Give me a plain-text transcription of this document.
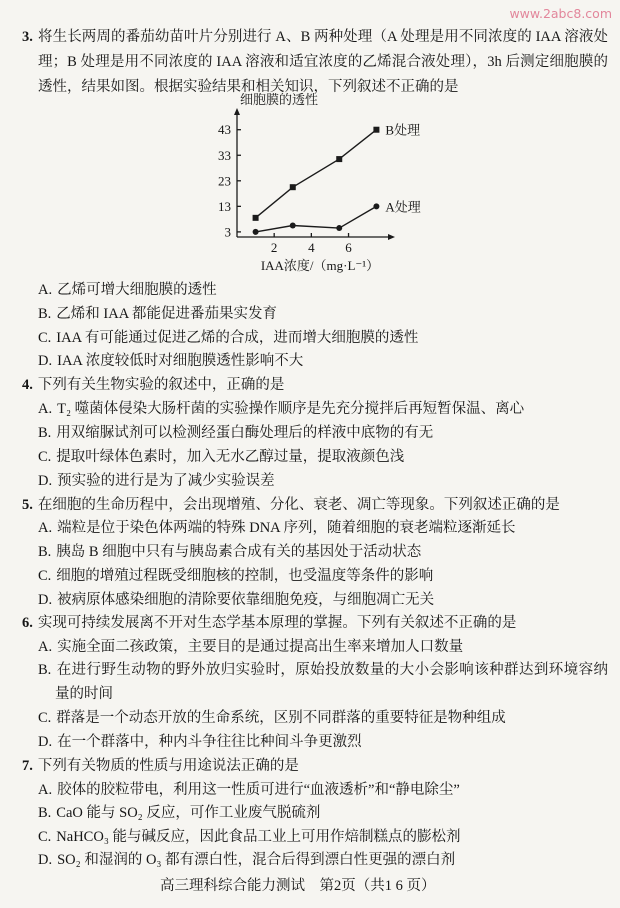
www.2abc8.com
3. 将生长两周的番茄幼苗叶片分别进行 A、B 两种处理（A 处理是用不同浓度的 IAA 溶液处
理；B 处理是用不同浓度的 IAA 溶液和适宜浓度的乙烯混合液处理），3h 后测定细胞膜的
透性，结果如图。根据实验结果和相关知识，下列叙述不正确的是
3
13
23
33
43
2 4 6
细胞膜的透性
IAA浓度/（mg·L⁻¹）
B处理
A处理
A. 乙烯可增大细胞膜的透性
B. 乙烯和 IAA 都能促进番茄果实发育
C. IAA 有可能通过促进乙烯的合成，进而增大细胞膜的透性
D. IAA 浓度较低时对细胞膜透性影响不大
4. 下列有关生物实验的叙述中，正确的是
A. T₂ 噬菌体侵染大肠杆菌的实验操作顺序是先充分搅拌后再短暂保温、离心
B. 用双缩脲试剂可以检测经蛋白酶处理后的样液中底物的有无
C. 提取叶绿体色素时，加入无水乙醇过量，提取液颜色浅
D. 预实验的进行是为了减少实验误差
5. 在细胞的生命历程中，会出现增殖、分化、衰老、凋亡等现象。下列叙述正确的是
A. 端粒是位于染色体两端的特殊 DNA 序列，随着细胞的衰老端粒逐渐延长
B. 胰岛 B 细胞中只有与胰岛素合成有关的基因处于活动状态
C. 细胞的增殖过程既受细胞核的控制，也受温度等条件的影响
D. 被病原体感染细胞的清除要依靠细胞免疫，与细胞凋亡无关
6. 实现可持续发展离不开对生态学基本原理的掌握。下列有关叙述不正确的是
A. 实施全面二孩政策，主要目的是通过提高出生率来增加人口数量
B. 在进行野生动物的野外放归实验时，原始投放数量的大小会影响该种群达到环境容纳
量的时间
C. 群落是一个动态开放的生命系统，区别不同群落的重要特征是物种组成
D. 在一个群落中，种内斗争往往比种间斗争更激烈
7. 下列有关物质的性质与用途说法正确的是
A. 胶体的胶粒带电，利用这一性质可进行“血液透析”和“静电除尘”
B. CaO 能与 SO₂ 反应，可作工业废气脱硫剂
C. NaHCO₃ 能与碱反应，因此食品工业上可用作焙制糕点的膨松剂
D. SO₂ 和湿润的 O₃ 都有漂白性，混合后得到漂白性更强的漂白剂
高三理科综合能力测试　第2页（共1 6 页）
